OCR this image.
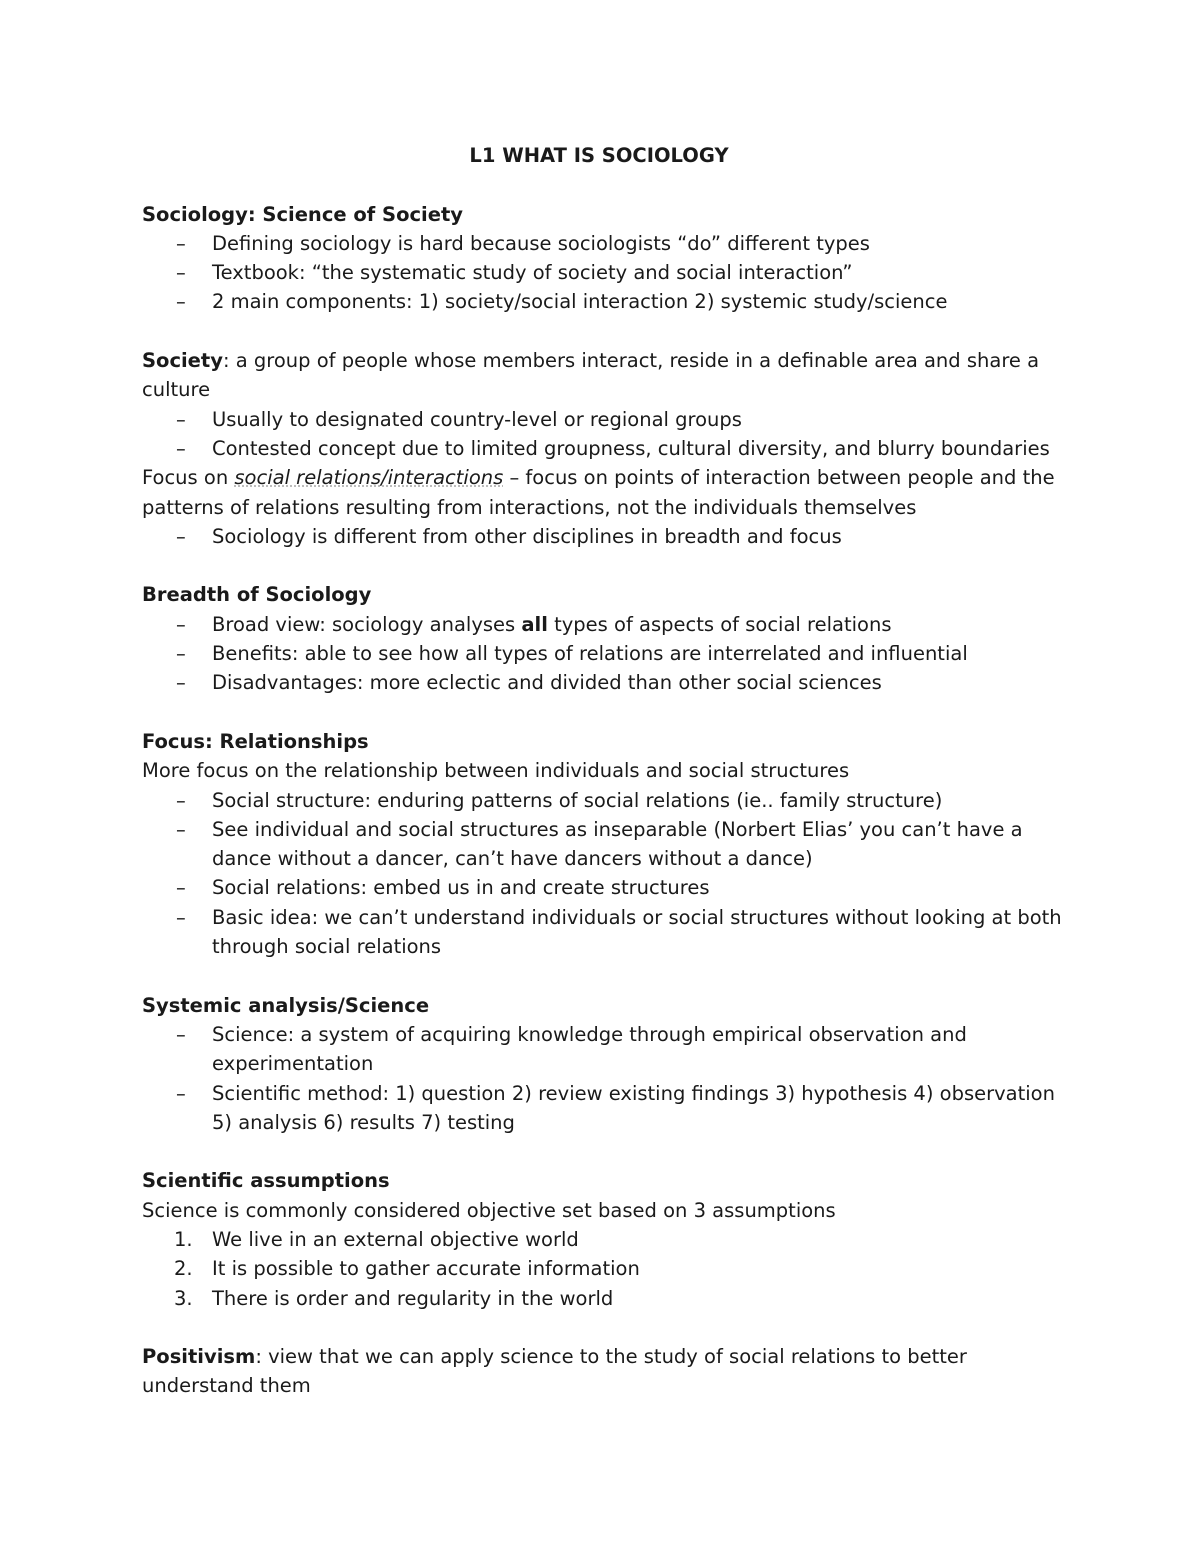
L1 WHAT IS SOCIOLOGY

Sociology: Science of Society

– Defining sociology is hard because sociologists “do” different types
– Textbook: “the systematic study of society and social interaction”
– 2 main components: 1) society/social interaction 2) systemic study/science

Society: a group of people whose members interact, reside in a definable area and share a culture

– Usually to designated country-level or regional groups
– Contested concept due to limited groupness, cultural diversity, and blurry boundaries

Focus on social relations/interactions – focus on points of interaction between people and the patterns of relations resulting from interactions, not the individuals themselves

– Sociology is different from other disciplines in breadth and focus

Breadth of Sociology

– Broad view: sociology analyses all types of aspects of social relations
– Benefits: able to see how all types of relations are interrelated and influential
– Disadvantages: more eclectic and divided than other social sciences

Focus: Relationships

More focus on the relationship between individuals and social structures

– Social structure: enduring patterns of social relations (ie.. family structure)
– See individual and social structures as inseparable (Norbert Elias’ you can’t have a dance without a dancer, can’t have dancers without a dance)
– Social relations: embed us in and create structures
– Basic idea: we can’t understand individuals or social structures without looking at both through social relations

Systemic analysis/Science

– Science: a system of acquiring knowledge through empirical observation and experimentation
– Scientific method: 1) question 2) review existing findings 3) hypothesis 4) observation 5) analysis 6) results 7) testing

Scientific assumptions

Science is commonly considered objective set based on 3 assumptions

1. We live in an external objective world
2. It is possible to gather accurate information
3. There is order and regularity in the world

Positivism: view that we can apply science to the study of social relations to better understand them
